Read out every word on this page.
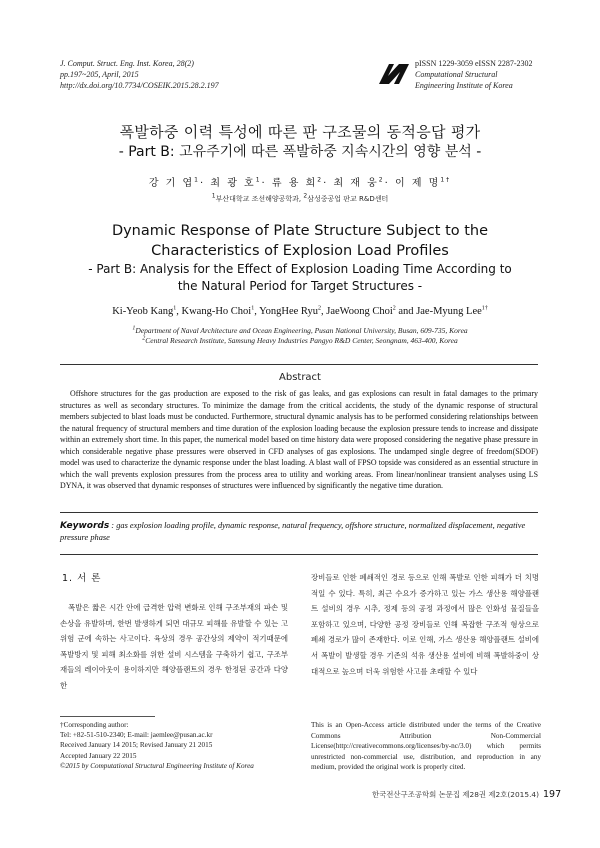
J. Comput. Struct. Eng. Inst. Korea, 28(2)
pp.197~205, April, 2015
http://dx.doi.org/10.7734/COSEIK.2015.28.2.197
pISSN 1229-3059 eISSN 2287-2302
Computational Structural
Engineering Institute of Korea
폭발하중 이력 특성에 따른 판 구조물의 동적응답 평가
- Part B: 고유주기에 따른 폭발하중 지속시간의 영향 분석 -
강 기 엽$^1$· 최 광 호$^1$· 류 용 희$^2$· 최 재 웅$^2$· 이 제 명$^{1\dagger}$
$^1$부산대학교 조선해양공학과, $^2$삼성중공업 판교 R&D센터
Dynamic Response of Plate Structure Subject to the
Characteristics of Explosion Load Profiles
- Part B: Analysis for the Effect of Explosion Loading Time According to
the Natural Period for Target Structures -
Ki-Yeob Kang$^1$, Kwang-Ho Choi$^1$, YongHee Ryu$^2$, JaeWoong Choi$^2$ and Jae-Myung Lee$^{1\dagger}$
$^1$Department of Naval Architecture and Ocean Engineering, Pusan National University, Busan, 609-735, Korea
$^2$Central Research Institute, Samsung Heavy Industries Pangyo R&D Center, Seongnam, 463-400, Korea
Abstract
Offshore structures for the gas production are exposed to the risk of gas leaks, and gas explosions can result in fatal damages to the primary structures as well as secondary structures. To minimize the damage from the critical accidents, the study of the dynamic response of structural members subjected to blast loads must be conducted. Furthermore, structural dynamic analysis has to be performed considering relationships between the natural frequency of structural members and time duration of the explosion loading because the explosion pressure tends to increase and dissipate within an extremely short time. In this paper, the numerical model based on time history data were proposed considering the negative phase pressure in which considerable negative phase pressures were observed in CFD analyses of gas explosions. The undamped single degree of freedom(SDOF) model was used to characterize the dynamic response under the blast loading. A blast wall of FPSO topside was considered as an essential structure in which the wall prevents explosion pressures from the process area to utility and working areas. From linear/nonlinear transient analyses using LS DYNA, it was observed that dynamic responses of structures were influenced by significantly the negative time duration.
Keywords : gas explosion loading profile, dynamic response, natural frequency, offshore structure, normalized displacement, negative pressure phase
1. 서 론
폭발은 짧은 시간 안에 급격한 압력 변화로 인해 구조부재의 파손 및 손상을 유발하며, 한번 발생하게 되면 대규모 피해를 유발할 수 있는 고위험 군에 속하는 사고이다. 육상의 경우 공간상의 제약이 적기때문에 폭발방지 및 피해 최소화를 위한 설비 시스템을 구축하기 쉽고, 구조부재들의 레이아웃이 용이하지만 해양플랜트의 경우 한정된 공간과 다양한
장비들로 인한 폐쇄적인 경로 등으로 인해 폭발로 인한 피해가 더 치명적일 수 있다. 특히, 최근 수요가 증가하고 있는 가스 생산용 해양플랜트 설비의 경우 시추, 정제 등의 공정 과정에서 많은 인화성 물질들을 포함하고 있으며, 다양한 공정 장비들로 인해 복잡한 구조적 형상으로 폐쇄 경로가 많이 존재한다. 이로 인해, 가스 생산용 해양플랜트 설비에서 폭발이 발생할 경우 기존의 석유 생산용 설비에 비해 폭발하중이 상대적으로 높으며 더욱 위험한 사고를 초래할 수 있다
†Corresponding author:
Tel: +82-51-510-2340; E-mail: jaemlee@pusan.ac.kr
Received January 14 2015; Revised January 21 2015
Accepted January 22 2015
©2015 by Computational Structural Engineering Institute of Korea
This is an Open-Access article distributed under the terms of the Creative Commons Attribution Non-Commercial License(http://creativecommons.org/licenses/by-nc/3.0) which permits unrestricted non-commercial use, distribution, and reproduction in any medium, provided the original work is properly cited.
한국전산구조공학회 논문집 제28권 제2호(2015.4) 197
